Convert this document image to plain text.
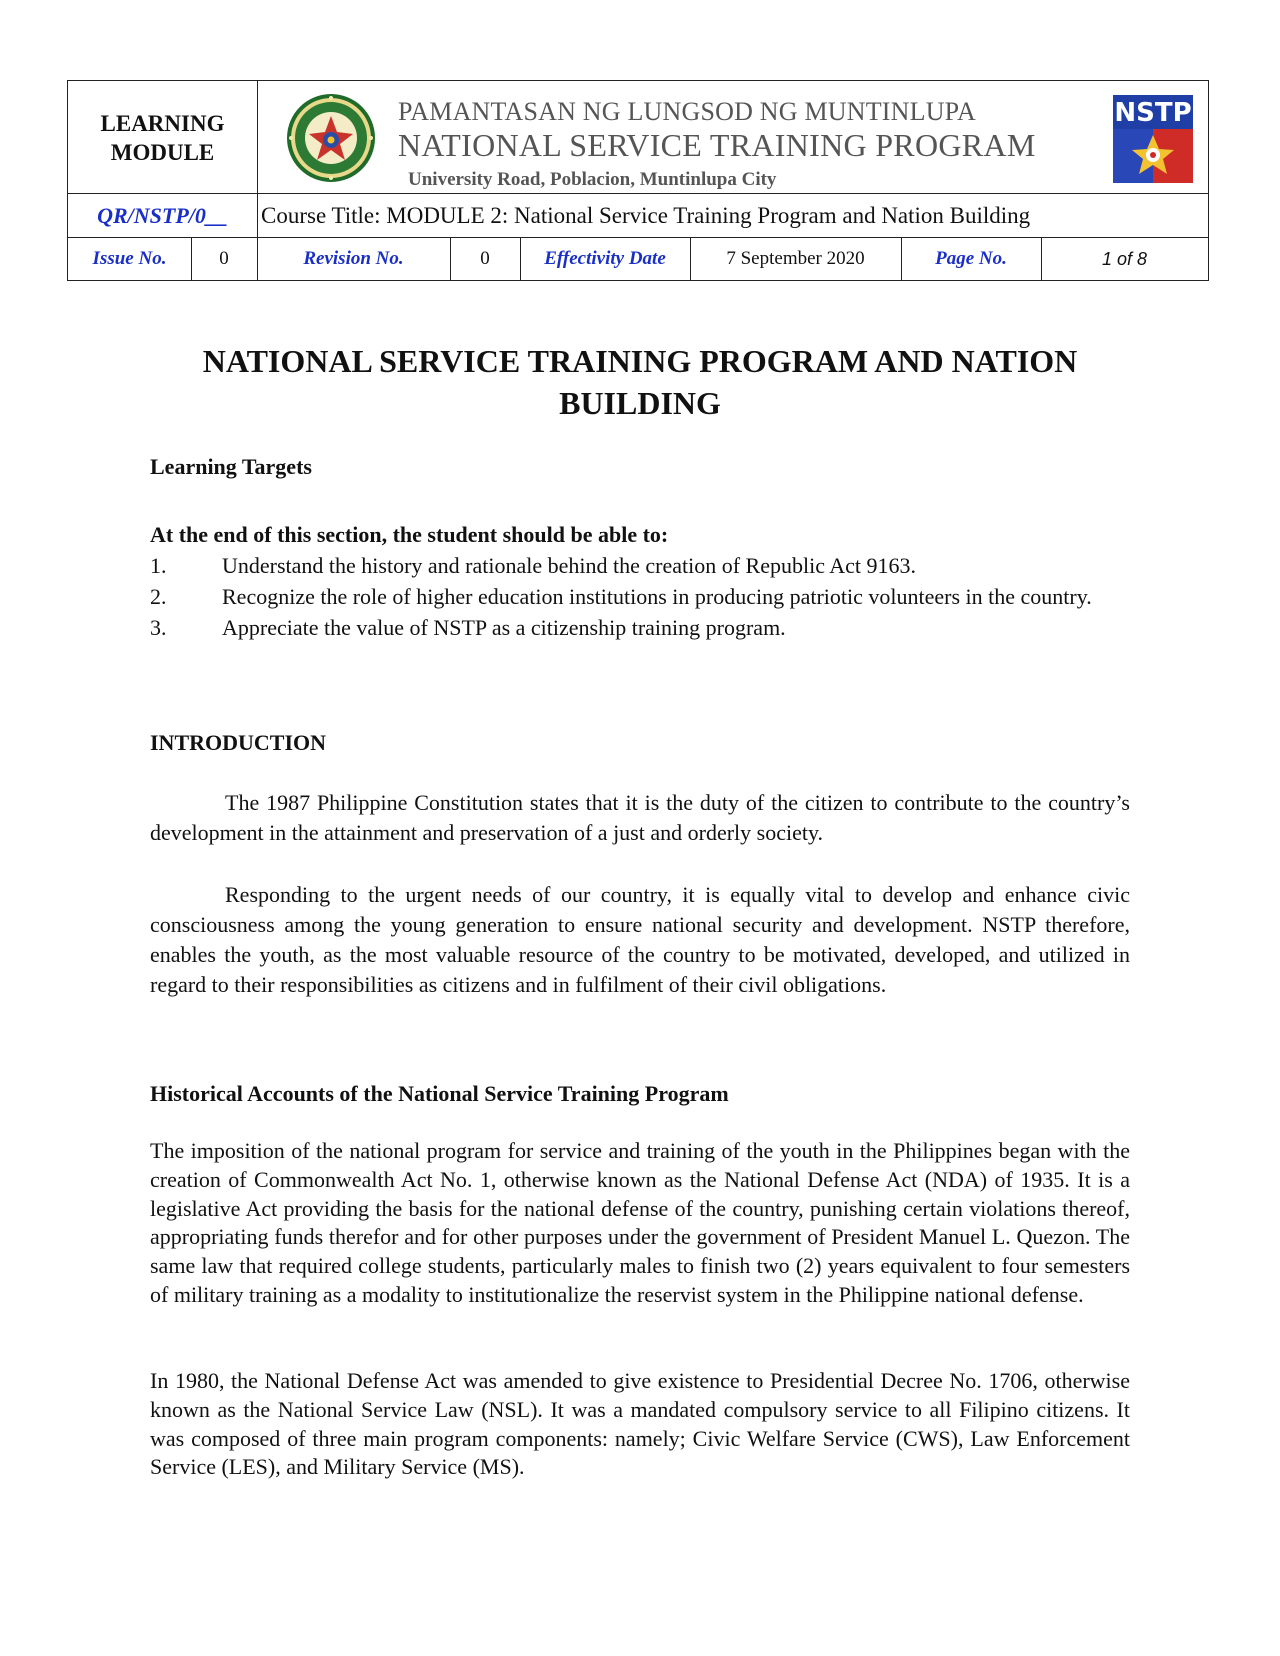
LEARNING MODULE
PAMANTASAN NG LUNGSOD NG MUNTINLUPA
NATIONAL SERVICE TRAINING PROGRAM
University Road, Poblacion, Muntinlupa City
NSTP
QR/NSTP/0__	Course Title: MODULE 2: National Service Training Program and Nation Building
Issue No.	0	Revision No.	0	Effectivity Date	7 September 2020	Page No.	1 of 8
NATIONAL SERVICE TRAINING PROGRAM AND NATION BUILDING

Learning Targets

At the end of this section, the student should be able to:

1.	Understand the history and rationale behind the creation of Republic Act 9163.
2.	Recognize the role of higher education institutions in producing patriotic volunteers in the country.
3.	Appreciate the value of NSTP as a citizenship training program.

INTRODUCTION

The 1987 Philippine Constitution states that it is the duty of the citizen to contribute to the country’s development in the attainment and preservation of a just and orderly society.

Responding to the urgent needs of our country, it is equally vital to develop and enhance civic consciousness among the young generation to ensure national security and development. NSTP therefore, enables the youth, as the most valuable resource of the country to be motivated, developed, and utilized in regard to their responsibilities as citizens and in fulfilment of their civil obligations.

Historical Accounts of the National Service Training Program

The imposition of the national program for service and training of the youth in the Philippines began with the creation of Commonwealth Act No. 1, otherwise known as the National Defense Act (NDA) of 1935. It is a legislative Act providing the basis for the national defense of the country, punishing certain violations thereof, appropriating funds therefor and for other purposes under the government of President Manuel L. Quezon. The same law that required college students, particularly males to finish two (2) years equivalent to four semesters of military training as a modality to institutionalize the reservist system in the Philippine national defense.

In 1980, the National Defense Act was amended to give existence to Presidential Decree No. 1706, otherwise known as the National Service Law (NSL). It was a mandated compulsory service to all Filipino citizens. It was composed of three main program components: namely; Civic Welfare Service (CWS), Law Enforcement Service (LES), and Military Service (MS).
